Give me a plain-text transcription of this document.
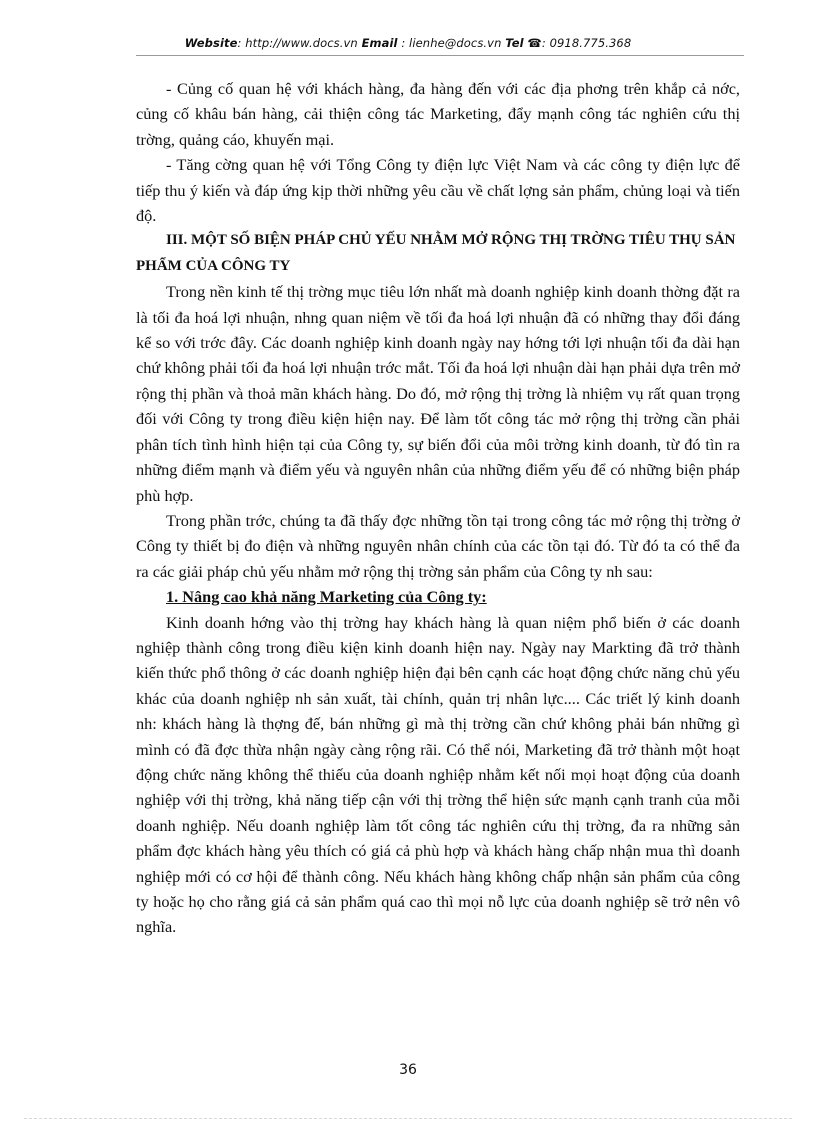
Website: http://www.docs.vn Email : lienhe@docs.vn Tel ☎: 0918.775.368

- Củng cố quan hệ với khách hàng, đa hàng đến với các địa phơng trên khắp cả nớc, củng cố khâu bán hàng, cải thiện công tác Marketing, đẩy mạnh công tác nghiên cứu thị trờng, quảng cáo, khuyến mại.

- Tăng cờng quan hệ với Tổng Công ty điện lực Việt Nam và các công ty điện lực để tiếp thu ý kiến và đáp ứng kịp thời những yêu cầu về chất lợng sản phẩm, chủng loại và tiến độ.

III. MỘT SỐ BIỆN PHÁP CHỦ YẾU NHẰM MỞ RỘNG THỊ TRỜNG TIÊU THỤ SẢN PHẨM CỦA CÔNG TY

Trong nền kinh tế thị trờng mục tiêu lớn nhất mà doanh nghiệp kinh doanh thờng đặt ra là tối đa hoá lợi nhuận, nhng quan niệm về tối đa hoá lợi nhuận đã có những thay đổi đáng kể so với trớc đây. Các doanh nghiệp kinh doanh ngày nay hớng tới lợi nhuận tối đa dài hạn chứ không phải tối đa hoá lợi nhuận trớc mắt. Tối đa hoá lợi nhuận dài hạn phải dựa trên mở rộng thị phần và thoả mãn khách hàng. Do đó, mở rộng thị trờng là nhiệm vụ rất quan trọng đối với Công ty trong điều kiện hiện nay. Để làm tốt công tác mở rộng thị trờng cần phải phân tích tình hình hiện tại của Công ty, sự biến đổi của môi trờng kinh doanh, từ đó tìn ra những điểm mạnh và điểm yếu và nguyên nhân của những điểm yếu để có những biện pháp phù hợp.

Trong phần trớc, chúng ta đã thấy đợc những tồn tại trong công tác mở rộng thị trờng ở Công ty thiết bị đo điện và những nguyên nhân chính của các tồn tại đó. Từ đó ta có thể đa ra các giải pháp chủ yếu nhằm mở rộng thị trờng sản phẩm của Công ty nh sau:

1. Nâng cao khả năng Marketing của Công ty:

Kinh doanh hớng vào thị trờng hay khách hàng là quan niệm phổ biến ở các doanh nghiệp thành công trong điều kiện kinh doanh hiện nay. Ngày nay Markting đã trở thành kiến thức phổ thông ở các doanh nghiệp hiện đại bên cạnh các hoạt động chức năng chủ yếu khác của doanh nghiệp nh sản xuất, tài chính, quản trị nhân lực.... Các triết lý kinh doanh nh: khách hàng là thợng đế, bán những gì mà thị trờng cần chứ không phải bán những gì mình có đã đợc thừa nhận ngày càng rộng rãi. Có thể nói, Marketing đã trở thành một hoạt động chức năng không thể thiếu của doanh nghiệp nhằm kết nối mọi hoạt động của doanh nghiệp với thị trờng, khả năng tiếp cận với thị trờng thể hiện sức mạnh cạnh tranh của mỗi doanh nghiệp. Nếu doanh nghiệp làm tốt công tác nghiên cứu thị trờng, đa ra những sản phẩm đợc khách hàng yêu thích có giá cả phù hợp và khách hàng chấp nhận mua thì doanh nghiệp mới có cơ hội để thành công. Nếu khách hàng không chấp nhận sản phẩm của công ty hoặc họ cho rằng giá cả sản phẩm quá cao thì mọi nỗ lực của doanh nghiệp sẽ trở nên vô nghĩa.

36
